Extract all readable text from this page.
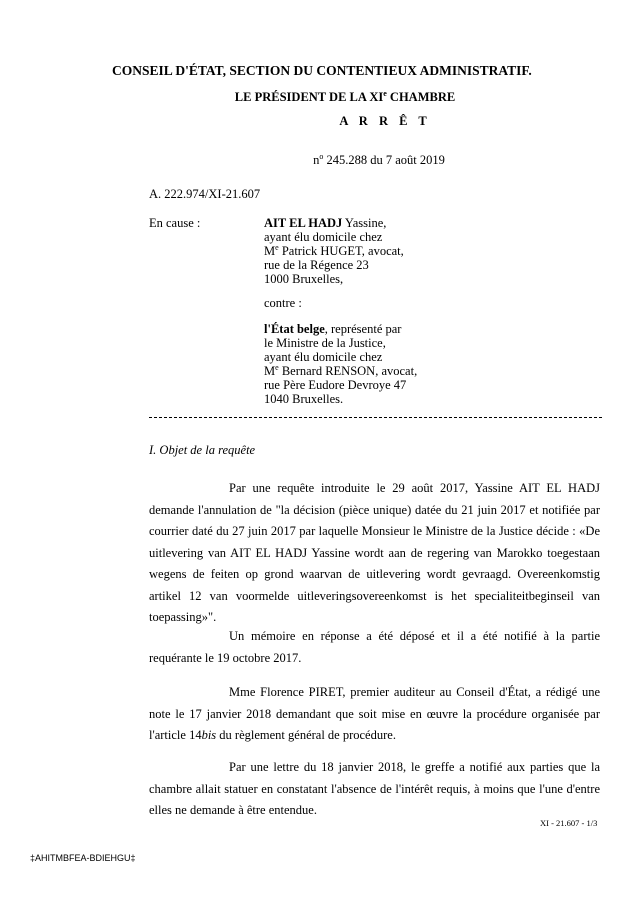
CONSEIL D'ÉTAT, SECTION DU CONTENTIEUX ADMINISTRATIF.
LE PRÉSIDENT DE LA XIe CHAMBRE
A R R Ê T
$n^o$ 245.288 du 7 août 2019
A. 222.974/XI-21.607
En cause :	AIT EL HADJ Yassine,
ayant élu domicile chez
Me Patrick HUGET, avocat,
rue de la Régence 23
1000 Bruxelles,
contre :
l'État belge, représenté par
le Ministre de la Justice,
ayant élu domicile chez
Me Bernard RENSON, avocat,
rue Père Eudore Devroye 47
1040 Bruxelles.
I. Objet de la requête
Par une requête introduite le 29 août 2017, Yassine AIT EL HADJ demande l'annulation de "la décision (pièce unique) datée du 21 juin 2017 et notifiée par courrier daté du 27 juin 2017 par laquelle Monsieur le Ministre de la Justice décide : «De uitlevering van AIT EL HADJ Yassine wordt aan de regering van Marokko toegestaan wegens de feiten op grond waarvan de uitlevering wordt gevraagd. Overeenkomstig artikel 12 van voormelde uitleveringsovereenkomst is het specialiteitbeginseil van toepassing»".
Un mémoire en réponse a été déposé et il a été notifié à la partie requérante le 19 octobre 2017.
Mme Florence PIRET, premier auditeur au Conseil d'État, a rédigé une note le 17 janvier 2018 demandant que soit mise en œuvre la procédure organisée par l'article 14bis du règlement général de procédure.
Par une lettre du 18 janvier 2018, le greffe a notifié aux parties que la chambre allait statuer en constatant l'absence de l'intérêt requis, à moins que l'une d'entre elles ne demande à être entendue.
XI - 21.607 - 1/3
‡AHITMBFEA-BDIEHGU‡
